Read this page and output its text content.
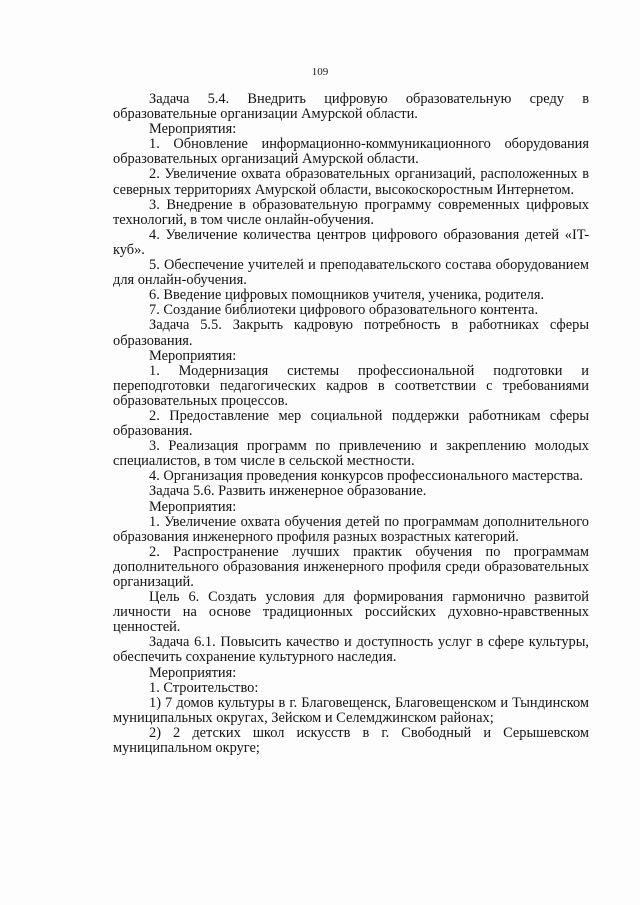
109

Задача 5.4. Внедрить цифровую образовательную среду в образовательные организации Амурской области.

Мероприятия:

1. Обновление информационно-коммуникационного оборудования образовательных организаций Амурской области.

2. Увеличение охвата образовательных организаций, расположенных в северных территориях Амурской области, высокоскоростным Интернетом.

3. Внедрение в образовательную программу современных цифровых технологий, в том числе онлайн-обучения.

4. Увеличение количества центров цифрового образования детей «IT-куб».

5. Обеспечение учителей и преподавательского состава оборудованием для онлайн-обучения.

6. Введение цифровых помощников учителя, ученика, родителя.

7. Создание библиотеки цифрового образовательного контента.

Задача 5.5. Закрыть кадровую потребность в работниках сферы образования.

Мероприятия:

1. Модернизация системы профессиональной подготовки и переподготовки педагогических кадров в соответствии с требованиями образовательных процессов.

2. Предоставление мер социальной поддержки работникам сферы образования.

3. Реализация программ по привлечению и закреплению молодых специалистов, в том числе в сельской местности.

4. Организация проведения конкурсов профессионального мастерства.

Задача 5.6. Развить инженерное образование.

Мероприятия:

1. Увеличение охвата обучения детей по программам дополнительного образования инженерного профиля разных возрастных категорий.

2. Распространение лучших практик обучения по программам дополнительного образования инженерного профиля среди образовательных организаций.

Цель 6. Создать условия для формирования гармонично развитой личности на основе традиционных российских духовно-нравственных ценностей.

Задача 6.1. Повысить качество и доступность услуг в сфере культуры, обеспечить сохранение культурного наследия.

Мероприятия:

1. Строительство:

1) 7 домов культуры в г. Благовещенск, Благовещенском и Тындинском муниципальных округах, Зейском и Селемджинском районах;

2) 2 детских школ искусств в г. Свободный и Серышевском муниципальном округе;
